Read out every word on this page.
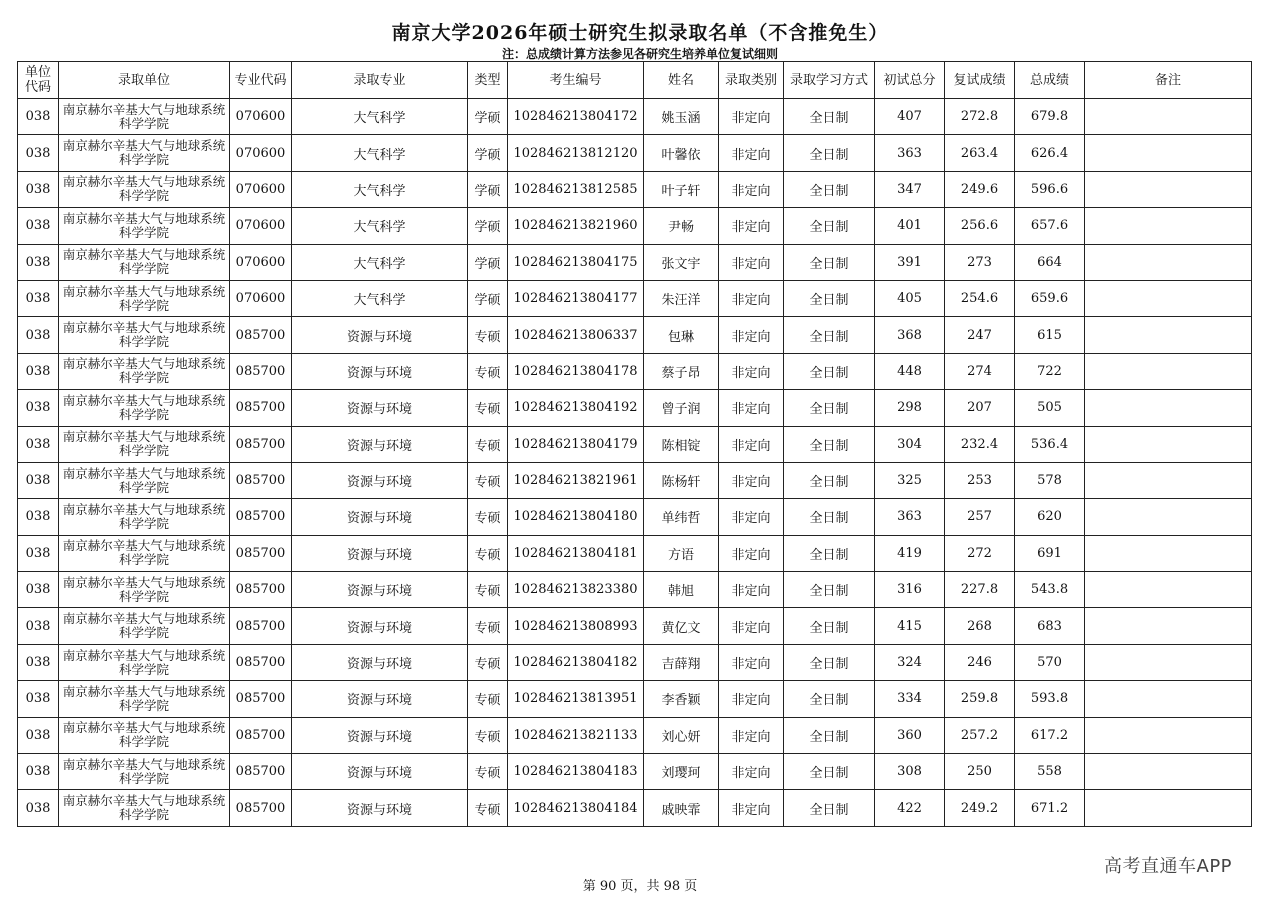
南京大学2026年硕士研究生拟录取名单（不含推免生）
注：总成绩计算方法参见各研究生培养单位复试细则
单位代码	录取单位	专业代码	录取专业	类型	考生编号	姓名	录取类别	录取学习方式	初试总分	复试成绩	总成绩	备注
038	南京赫尔辛基大气与地球系统科学学院	070600	大气科学	学硕	102846213804172	姚玉涵	非定向	全日制	407	272.8	679.8	
038	南京赫尔辛基大气与地球系统科学学院	070600	大气科学	学硕	102846213812120	叶馨依	非定向	全日制	363	263.4	626.4	
038	南京赫尔辛基大气与地球系统科学学院	070600	大气科学	学硕	102846213812585	叶子轩	非定向	全日制	347	249.6	596.6	
038	南京赫尔辛基大气与地球系统科学学院	070600	大气科学	学硕	102846213821960	尹畅	非定向	全日制	401	256.6	657.6	
038	南京赫尔辛基大气与地球系统科学学院	070600	大气科学	学硕	102846213804175	张文宇	非定向	全日制	391	273	664	
038	南京赫尔辛基大气与地球系统科学学院	070600	大气科学	学硕	102846213804177	朱汪洋	非定向	全日制	405	254.6	659.6	
038	南京赫尔辛基大气与地球系统科学学院	085700	资源与环境	专硕	102846213806337	包琳	非定向	全日制	368	247	615	
038	南京赫尔辛基大气与地球系统科学学院	085700	资源与环境	专硕	102846213804178	蔡子昂	非定向	全日制	448	274	722	
038	南京赫尔辛基大气与地球系统科学学院	085700	资源与环境	专硕	102846213804192	曾子润	非定向	全日制	298	207	505	
038	南京赫尔辛基大气与地球系统科学学院	085700	资源与环境	专硕	102846213804179	陈相锭	非定向	全日制	304	232.4	536.4	
038	南京赫尔辛基大气与地球系统科学学院	085700	资源与环境	专硕	102846213821961	陈杨轩	非定向	全日制	325	253	578	
038	南京赫尔辛基大气与地球系统科学学院	085700	资源与环境	专硕	102846213804180	单纬哲	非定向	全日制	363	257	620	
038	南京赫尔辛基大气与地球系统科学学院	085700	资源与环境	专硕	102846213804181	方语	非定向	全日制	419	272	691	
038	南京赫尔辛基大气与地球系统科学学院	085700	资源与环境	专硕	102846213823380	韩旭	非定向	全日制	316	227.8	543.8	
038	南京赫尔辛基大气与地球系统科学学院	085700	资源与环境	专硕	102846213808993	黄亿文	非定向	全日制	415	268	683	
038	南京赫尔辛基大气与地球系统科学学院	085700	资源与环境	专硕	102846213804182	吉薛翔	非定向	全日制	324	246	570	
038	南京赫尔辛基大气与地球系统科学学院	085700	资源与环境	专硕	102846213813951	李香颖	非定向	全日制	334	259.8	593.8	
038	南京赫尔辛基大气与地球系统科学学院	085700	资源与环境	专硕	102846213821133	刘心妍	非定向	全日制	360	257.2	617.2	
038	南京赫尔辛基大气与地球系统科学学院	085700	资源与环境	专硕	102846213804183	刘璎珂	非定向	全日制	308	250	558	
038	南京赫尔辛基大气与地球系统科学学院	085700	资源与环境	专硕	102846213804184	戚映霏	非定向	全日制	422	249.2	671.2	
第 90 页，共 98 页
高考直通车APP
